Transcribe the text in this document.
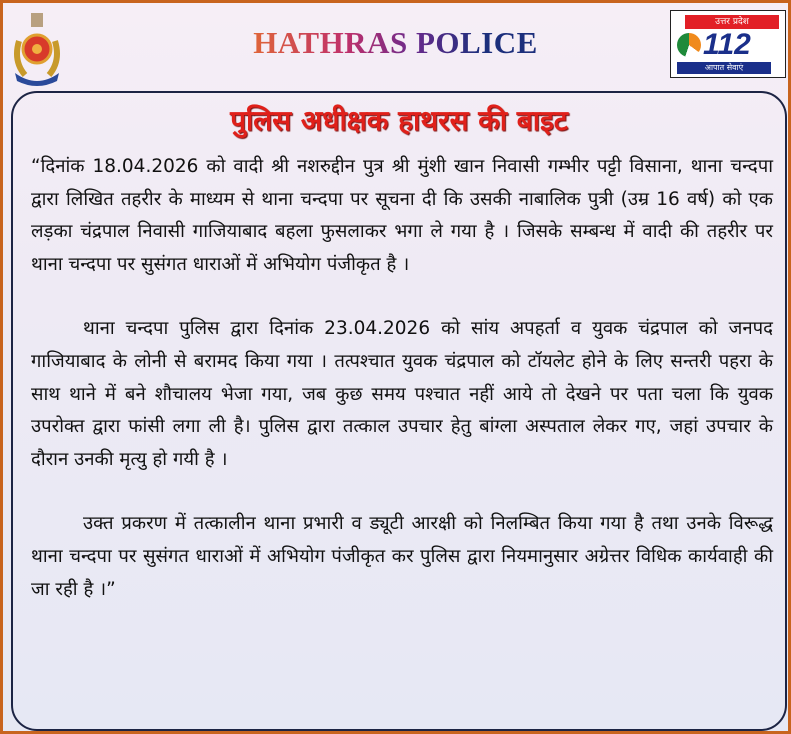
HATHRAS POLICE
उत्तर प्रदेश
112
आपात सेवाएं
पुलिस अधीक्षक हाथरस की बाइट

“दिनांक 18.04.2026 को वादी श्री नशरुद्दीन पुत्र श्री मुंशी खान निवासी गम्भीर पट्टी विसाना, थाना चन्दपा द्वारा लिखित तहरीर के माध्यम से थाना चन्दपा पर सूचना दी कि उसकी नाबालिक पुत्री (उम्र 16 वर्ष) को एक लड़का चंद्रपाल निवासी गाजियाबाद बहला फुसलाकर भगा ले गया है । जिसके सम्बन्ध में वादी की तहरीर पर थाना चन्दपा पर सुसंगत धाराओं में अभियोग पंजीकृत है ।

थाना चन्दपा पुलिस द्वारा दिनांक 23.04.2026 को सांय अपहर्ता व युवक चंद्रपाल को जनपद गाजियाबाद के लोनी से बरामद किया गया । तत्पश्चात युवक चंद्रपाल को टॉयलेट होने के लिए सन्तरी पहरा के साथ थाने में बने शौचालय भेजा गया, जब कुछ समय पश्चात नहीं आये तो देखने पर पता चला कि युवक उपरोक्त द्वारा फांसी लगा ली है। पुलिस द्वारा तत्काल उपचार हेतु बांग्ला अस्पताल लेकर गए, जहां उपचार के दौरान उनकी मृत्यु हो गयी है ।

उक्त प्रकरण में तत्कालीन थाना प्रभारी व ड्यूटी आरक्षी को निलम्बित किया गया है तथा उनके विरूद्ध थाना चन्दपा पर सुसंगत धाराओं में अभियोग पंजीकृत कर पुलिस द्वारा नियमानुसार अग्रेत्तर विधिक कार्यवाही की जा रही है ।”
